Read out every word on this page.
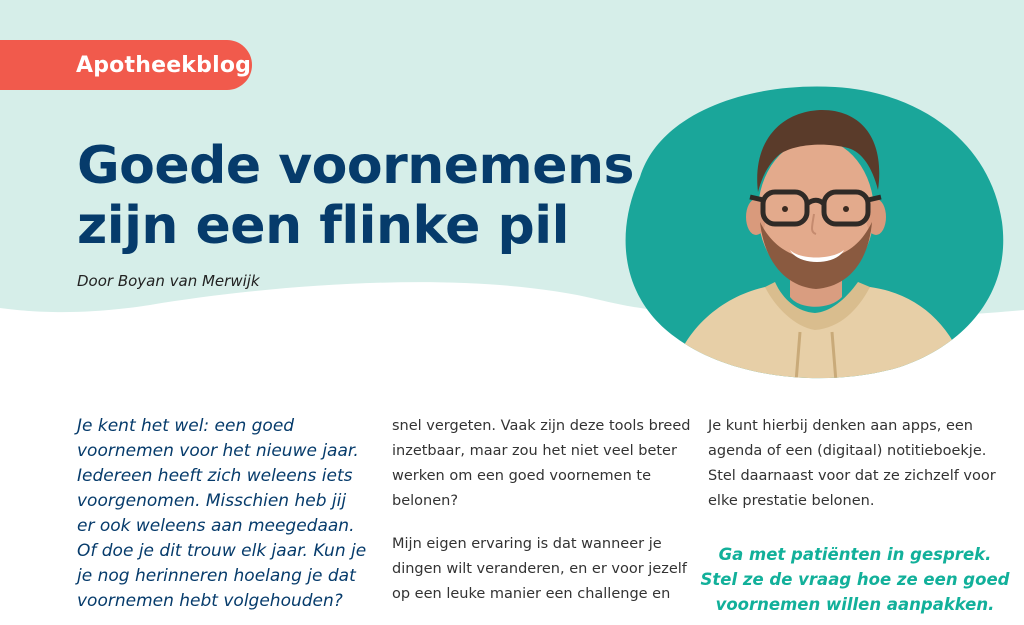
Apotheekblog
Goede voornemens
zijn een flinke pil
Door Boyan van Merwijk
Je kent het wel: een goed
voornemen voor het nieuwe jaar.
Iedereen heeft zich weleens iets
voorgenomen. Misschien heb jij
er ook weleens aan meegedaan.
Of doe je dit trouw elk jaar. Kun je
je nog herinneren hoelang je dat
voornemen hebt volgehouden?

snel vergeten. Vaak zijn deze tools breed
inzetbaar, maar zou het niet veel beter
werken om een goed voornemen te
belonen?

Mijn eigen ervaring is dat wanneer je
dingen wilt veranderen, en er voor jezelf
op een leuke manier een challenge en

Je kunt hierbij denken aan apps, een
agenda of een (digitaal) notitieboekje.
Stel daarnaast voor dat ze zichzelf voor
elke prestatie belonen.

Ga met patiënten in gesprek.
Stel ze de vraag hoe ze een goed
voornemen willen aanpakken.
